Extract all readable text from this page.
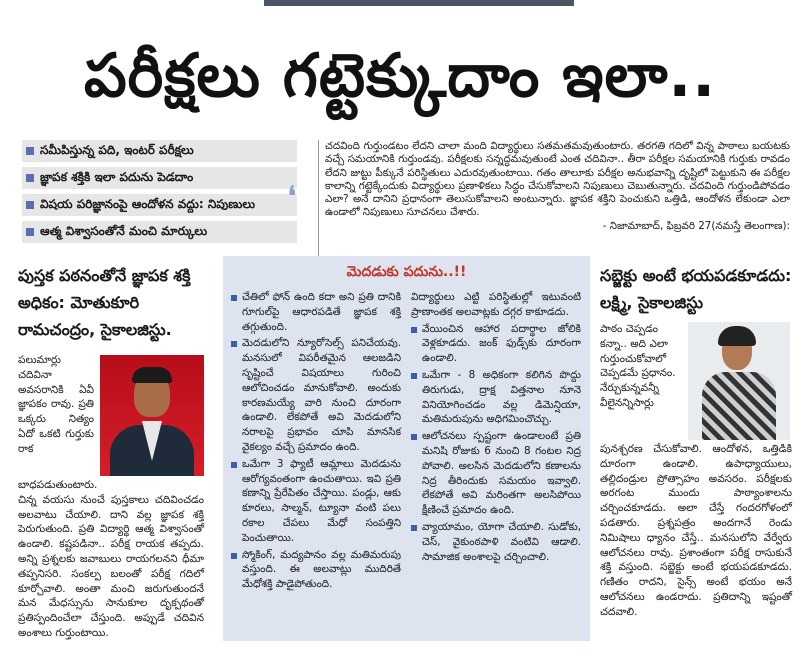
పరీక్షలు గట్టెక్కుదాం ఇలా..
సమీపిస్తున్న పది, ఇంటర్ పరీక్షలు
జ్ఞాపక శక్తికి ఇలా పదును పెడదాం
విషయ పరిజ్ఞానంపై ఆందోళన వద్దు: నిపుణులు
ఆత్మ విశ్వాసంతోనే మంచి మార్కులు
❛
చదవింది గుర్తుండటం లేదని చాలా మంది విద్యార్థులు సతమతమవుతుంటారు. తరగతి గదిలో విన్న పాఠాలు బయటకు వచ్చే సమయానికి గుర్తుండవు. పరీక్షలకు సన్నద్ధమవుతుంటే ఎంత చదివినా.. తీరా పరీక్షల సమయానికి గుర్తుకు రావడం లేదని జుట్టు పీక్కునే పరిస్థితులు ఎదురవుతుంటాయి. గతం తాలూకు పరీక్షల అనుభవాన్ని దృష్టిలో పెట్టుకుని ఈ పరీక్షల కాలాన్ని గట్టెక్కేందుకు విద్యార్థులు ప్రణాళికలు సిద్ధం చేసుకోవాలని నిపుణులు చెబుతున్నారు. చదవింది గుర్తుండిపోవడం ఎలా? అనే దానిని ప్రధానంగా తెలుసుకోవాలని అంటున్నారు. జ్ఞాపక శక్తిని పెంచుకుని ఒత్తిడి, ఆందోళన లేకుండా ఎలా ఉండాలో నిపుణులు సూచనలు చేశారు.
- నిజామాబాద్, ఫిబ్రవరి 27(నమస్తే తెలంగాణ):
పుస్తక పఠనంతోనే జ్ఞాపక శక్తి అధికం: మోతుకూరి రామచంద్రం, సైకాలజిస్టు.
పలుమార్లు చదివినా అవసరానికి ఏవీ జ్ఞాపకం రావు. ప్రతి ఒక్కరు నిత్యం ఏదో ఒకటి గుర్తుకు రాక బాధపడుతుంటారు.
చిన్న వయసు నుంచే పుస్తకాలు చదివించడం అలవాటు చేయాలి. దాని వల్ల జ్ఞాపక శక్తి పెరుగుతుంది. ప్రతి విద్యార్థి ఆత్మ విశ్వాసంతో ఉండాలి. కష్టపడినా.. పరీక్ష రాయక తప్పదు. అన్ని ప్రశ్నలకు జవాబులు రాయగలనని ధీమా తప్పనిసరి. సంకల్ప బలంతో పరీక్ష గదిలో కూర్చోవాలి. అంతా మంచి జరుగుతుందనే మన మేధస్సును సానుకూల దృక్పథంతో ప్రతిస్పందించేలా చేస్తుంది. అప్పుడే చదివిన అంశాలు గుర్తుంటాయి.
మెదడుకు పదును..!!
చేతిలో ఫోన్ ఉంది కదా అని ప్రతి దానికి గూగుల్‌పై ఆధారపడితే జ్ఞాపక శక్తి తగ్గుతుంది.
మెదడులోని న్యూరోసెల్స్ పనిచేయవు. మనసులో విపరీతమైన ఆలజడిని సృష్టించే విషయాలు గురించి ఆలోచించడం మానుకోవాలి. అందుకు కారణమయ్యే వారి నుంచి దూరంగా ఉండాలి. లేకపోతే అవి మెదడులోని నరాలపై ప్రభావం చూపి మానసిక వైకల్యం వచ్చే ప్రమాదం ఉంది.
ఒమేగా 3 ఫ్యాటీ ఆమ్లాలు మెదడును ఆరోగ్యవంతంగా ఉంచుతాయి. ఇవి ప్రతి కణాన్ని ప్రేరేపితం చేస్తాయి. పండ్లు, ఆకు కూరలు, సాల్మన్, ట్యూనా వంటి పలు రకాల చేపలు మేధో సంపత్తిని పెంచుతాయి.
స్మోకింగ్, మద్యపానం వల్ల మతిమరుపు వస్తుంది. ఈ అలవాట్లు ముదిరితే మేధోశక్తి పాడైపోతుంది.
విద్యార్థులు ఎట్టి పరిస్థితుల్లో ఇటువంటి ప్రాణాంతక అలవాట్లకు దగ్గర కాకూడదు.
వేయించిన ఆహార పదార్థాల జోలికి వెళ్లకూడదు. జంక్ ఫుడ్స్‌కు దూరంగా ఉండాలి.
ఒమేగా - 8 అధికంగా కలిగిన పొద్దు తిరుగుడు, ద్రాక్ష విత్తనాల నూనె వినియోగించడం వల్ల డిమెన్షియా, మతిమరుపును అధిగమించొచ్చు.
ఆలోచనలు స్పష్టంగా ఉండాలంటే ప్రతి మనిషి రోజుకు 6 నుంచి 8 గంటల నిద్ర పోవాలి. అలసిన మెదడులోని కణాలను నిద్ర తీరిందుకు సమయం ఇవ్వాలి. లేకపోతే అవి మరింతగా అలసిపోయి క్షీణించే ప్రమాదం ఉంది.
వ్యాయామం, యోగా చేయాలి. సుడోకు, చెస్, వైకుంఠపాళి వంటివి ఆడాలి. సామాజిక అంశాలపై చర్చించాలి.
సబ్జెక్టు అంటే భయపడకూడదు: లక్ష్మి, సైకాలజిస్టు
పాఠం చెప్పడం కన్నా.. అది ఎలా గుర్తుంచుకోవాలో చెప్పడమే ప్రధానం. నేర్చుకున్నవన్నీ వీలైనన్నిసార్లు
పునశ్చరణ చేసుకోవాలి. ఆందోళన, ఒత్తిడికి దూరంగా ఉండాలి. ఉపాధ్యాయులు, తల్లిదండ్రుల ప్రోత్సాహం అవసరం. పరీక్షలకు అరగంట ముందు పాఠ్యాంశాలను చర్చించకూడదు. అలా చేస్తే గందరగోళంలో పడతారు. ప్రశ్నపత్రం అందగానే రెండు నిమిషాలు ధ్యానం చేస్తే.. మనసులోని వేర్వేరు ఆలోచనలు రావు. ప్రశాంతంగా పరీక్ష రాసుకునే శక్తి వస్తుంది. సబ్జెక్టు అంటే భయపడకూడదు. గణితం రాదని, సైన్స్ అంటే భయం అనే ఆలోచనలు ఉండరాదు. ప్రతిదాన్ని ఇష్టంతో చదవాలి.
